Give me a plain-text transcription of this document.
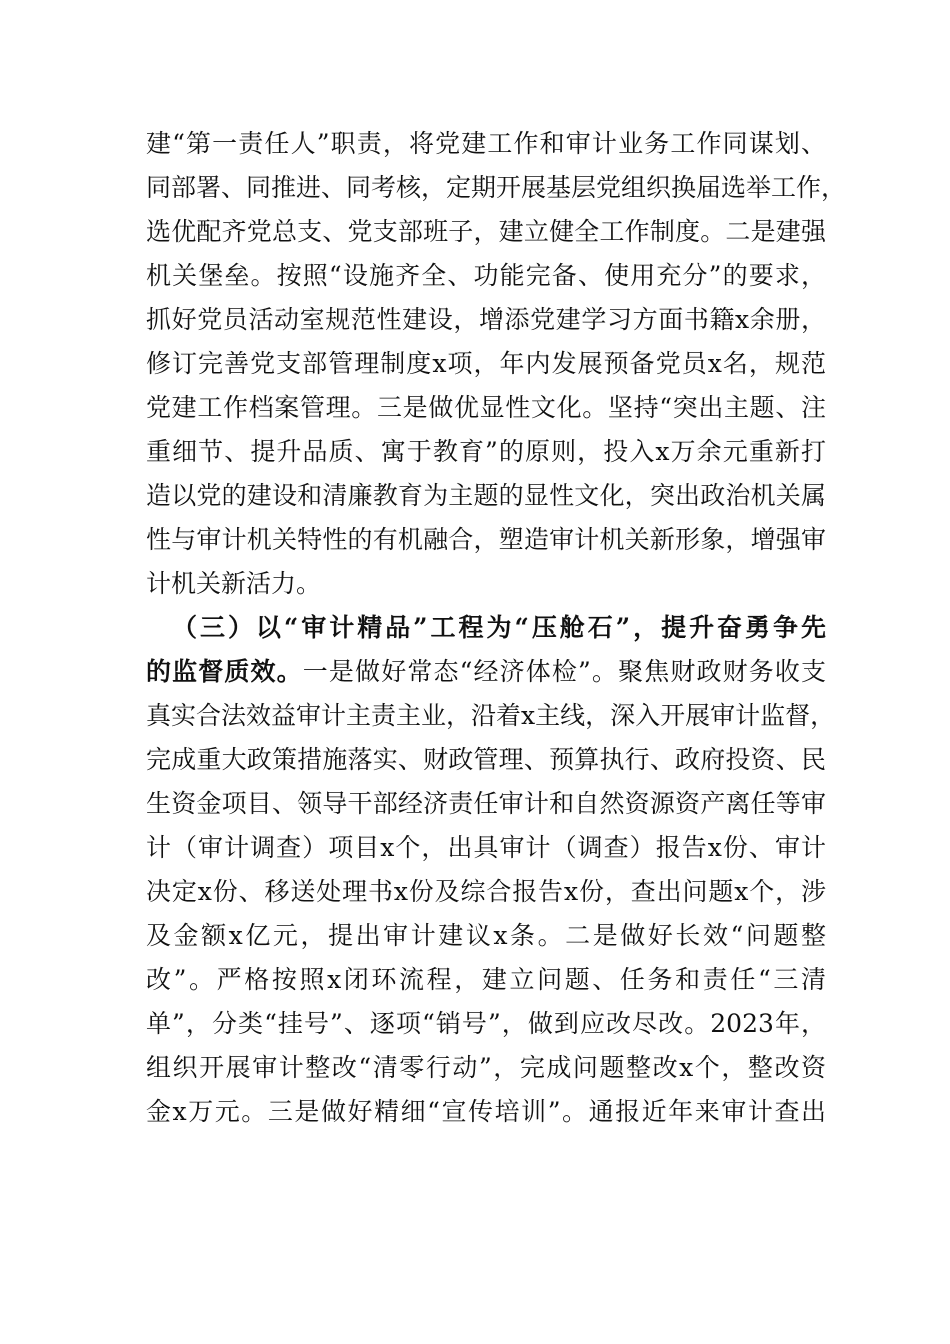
建“第一责任人”职责，将党建工作和审计业务工作同谋划、
同部署、同推进、同考核，定期开展基层党组织换届选举工作，
选优配齐党总支、党支部班子，建立健全工作制度。二是建强
机关堡垒。按照“设施齐全、功能完备、使用充分”的要求，
抓好党员活动室规范性建设，增添党建学习方面书籍x余册，
修订完善党支部管理制度x项，年内发展预备党员x名，规范
党建工作档案管理。三是做优显性文化。坚持“突出主题、注
重细节、提升品质、寓于教育”的原则，投入x万余元重新打
造以党的建设和清廉教育为主题的显性文化，突出政治机关属
性与审计机关特性的有机融合，塑造审计机关新形象，增强审
计机关新活力。
（三）以“审计精品”工程为“压舱石”，提升奋勇争先
的监督质效。一是做好常态“经济体检”。聚焦财政财务收支
真实合法效益审计主责主业，沿着x主线，深入开展审计监督，
完成重大政策措施落实、财政管理、预算执行、政府投资、民
生资金项目、领导干部经济责任审计和自然资源资产离任等审
计（审计调查）项目x个，出具审计（调查）报告x份、审计
决定x份、移送处理书x份及综合报告x份，查出问题x个，涉
及金额x亿元，提出审计建议x条。二是做好长效“问题整
改”。严格按照x闭环流程，建立问题、任务和责任“三清
单”，分类“挂号”、逐项“销号”，做到应改尽改。2023年，
组织开展审计整改“清零行动”，完成问题整改x个，整改资
金x万元。三是做好精细“宣传培训”。通报近年来审计查出
